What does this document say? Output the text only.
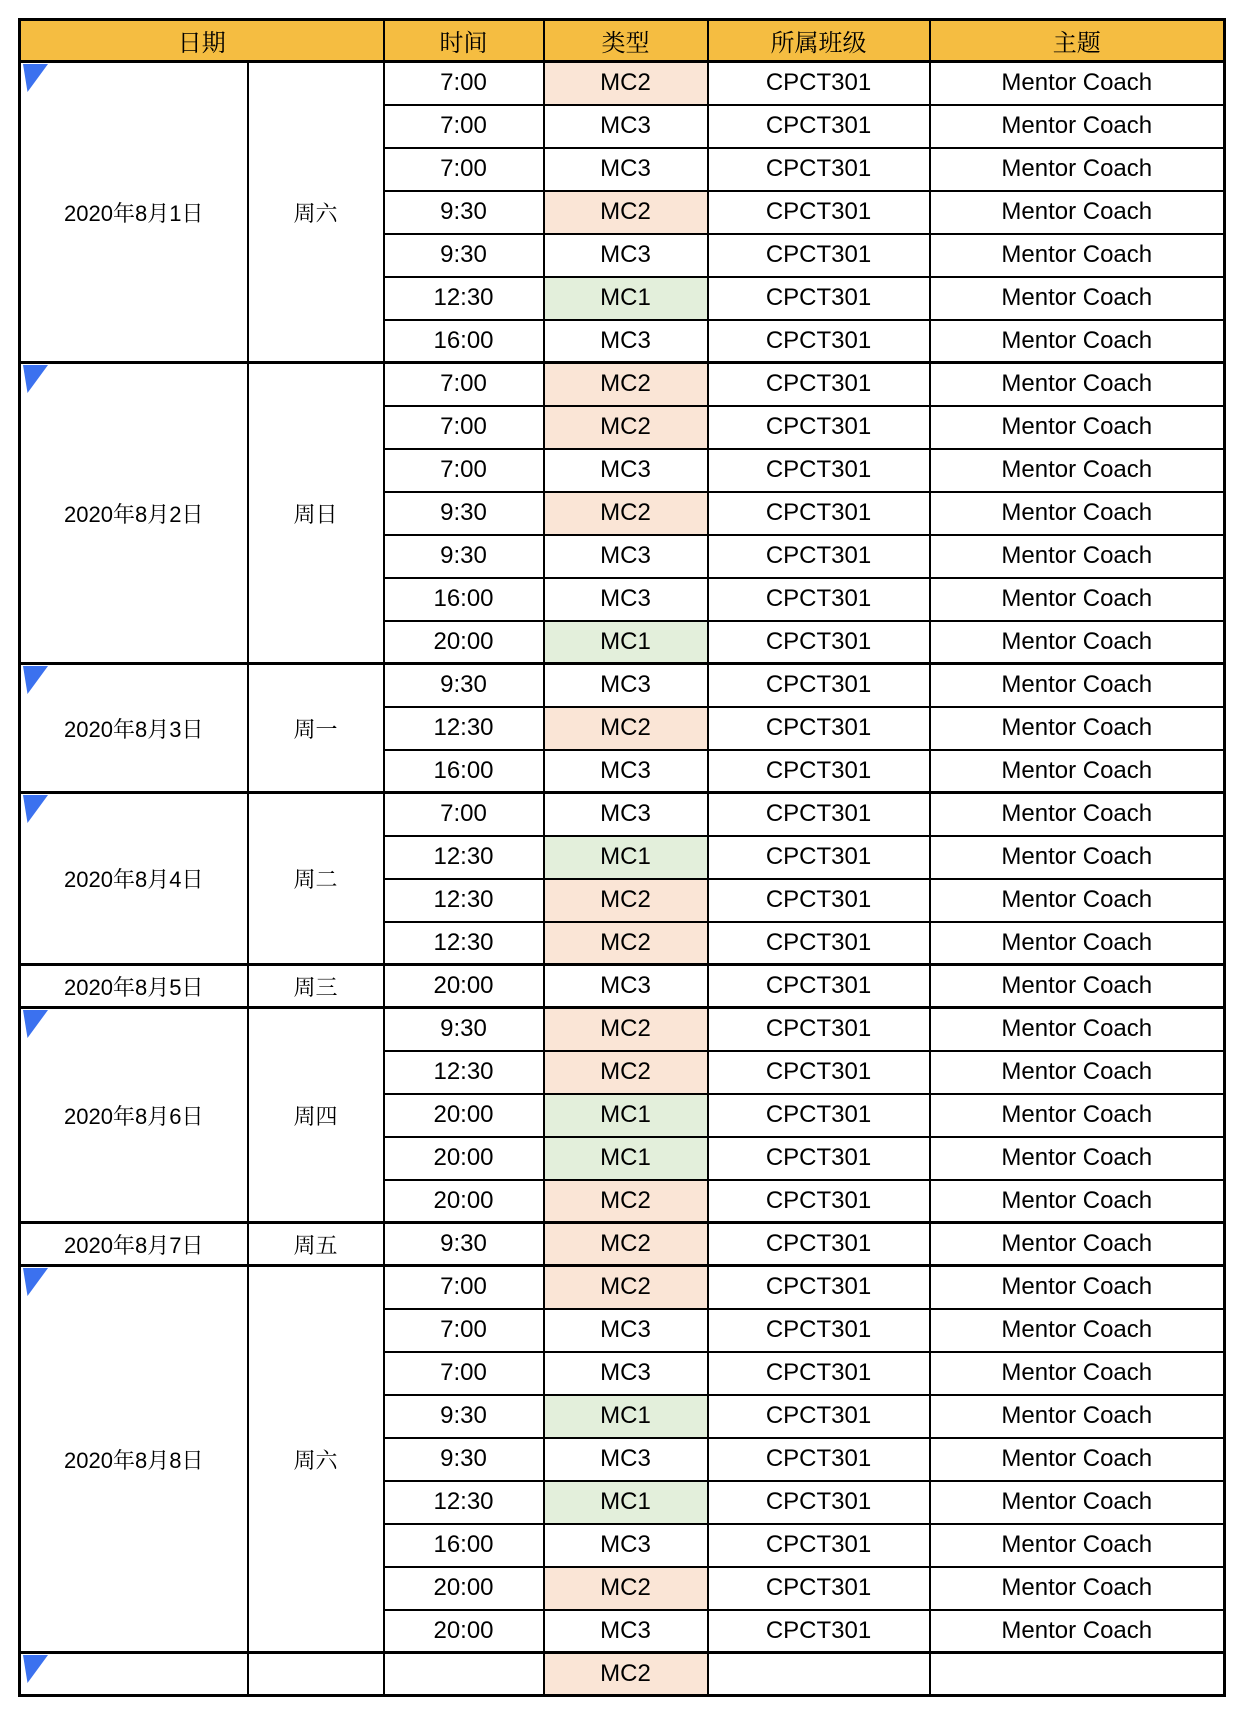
日期		时间	类型	所属班级	主题

2020年8月1日	周六	7:00	MC2	CPCT301	Mentor Coach
		7:00	MC3	CPCT301	Mentor Coach
		7:00	MC3	CPCT301	Mentor Coach
		9:30	MC2	CPCT301	Mentor Coach
		9:30	MC3	CPCT301	Mentor Coach
		12:30	MC1	CPCT301	Mentor Coach
		16:00	MC3	CPCT301	Mentor Coach

2020年8月2日	周日	7:00	MC2	CPCT301	Mentor Coach
		7:00	MC2	CPCT301	Mentor Coach
		7:00	MC3	CPCT301	Mentor Coach
		9:30	MC2	CPCT301	Mentor Coach
		9:30	MC3	CPCT301	Mentor Coach
		16:00	MC3	CPCT301	Mentor Coach
		20:00	MC1	CPCT301	Mentor Coach

2020年8月3日	周一	9:30	MC3	CPCT301	Mentor Coach
		12:30	MC2	CPCT301	Mentor Coach
		16:00	MC3	CPCT301	Mentor Coach

2020年8月4日	周二	7:00	MC3	CPCT301	Mentor Coach
		12:30	MC1	CPCT301	Mentor Coach
		12:30	MC2	CPCT301	Mentor Coach
		12:30	MC2	CPCT301	Mentor Coach
2020年8月5日	周三	20:00	MC3	CPCT301	Mentor Coach

2020年8月6日	周四	9:30	MC2	CPCT301	Mentor Coach
		12:30	MC2	CPCT301	Mentor Coach
		20:00	MC1	CPCT301	Mentor Coach
		20:00	MC1	CPCT301	Mentor Coach
		20:00	MC2	CPCT301	Mentor Coach
2020年8月7日	周五	9:30	MC2	CPCT301	Mentor Coach

2020年8月8日	周六	7:00	MC2	CPCT301	Mentor Coach
		7:00	MC3	CPCT301	Mentor Coach
		7:00	MC3	CPCT301	Mentor Coach
		9:30	MC1	CPCT301	Mentor Coach
		9:30	MC3	CPCT301	Mentor Coach
		12:30	MC1	CPCT301	Mentor Coach
		16:00	MC3	CPCT301	Mentor Coach
		20:00	MC2	CPCT301	Mentor Coach
		20:00	MC3	CPCT301	Mentor Coach

			MC2		
